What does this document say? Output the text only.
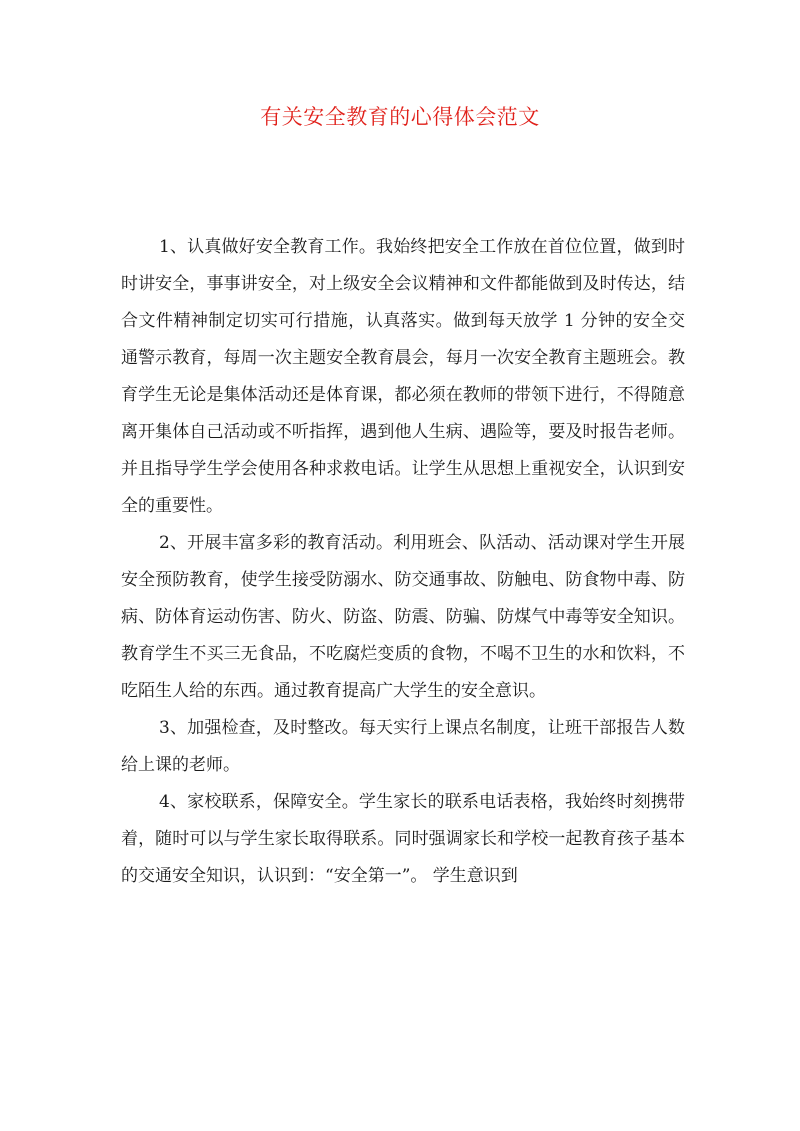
有关安全教育的心得体会范文

1、认真做好安全教育工作。我始终把安全工作放在首位位置，做到时时讲安全，事事讲安全，对上级安全会议精神和文件都能做到及时传达，结合文件精神制定切实可行措施，认真落实。做到每天放学 1 分钟的安全交通警示教育，每周一次主题安全教育晨会，每月一次安全教育主题班会。教育学生无论是集体活动还是体育课，都必须在教师的带领下进行，不得随意离开集体自己活动或不听指挥，遇到他人生病、遇险等，要及时报告老师。并且指导学生学会使用各种求救电话。让学生从思想上重视安全，认识到安全的重要性。

2、开展丰富多彩的教育活动。利用班会、队活动、活动课对学生开展安全预防教育，使学生接受防溺水、防交通事故、防触电、防食物中毒、防病、防体育运动伤害、防火、防盗、防震、防骗、防煤气中毒等安全知识。教育学生不买三无食品，不吃腐烂变质的食物，不喝不卫生的水和饮料，不吃陌生人给的东西。通过教育提高广大学生的安全意识。

3、加强检查，及时整改。每天实行上课点名制度，让班干部报告人数给上课的老师。

4、家校联系，保障安全。学生家长的联系电话表格，我始终时刻携带着，随时可以与学生家长取得联系。同时强调家长和学校一起教育孩子基本的交通安全知识，认识到：“安全第一”。 学生意识到
